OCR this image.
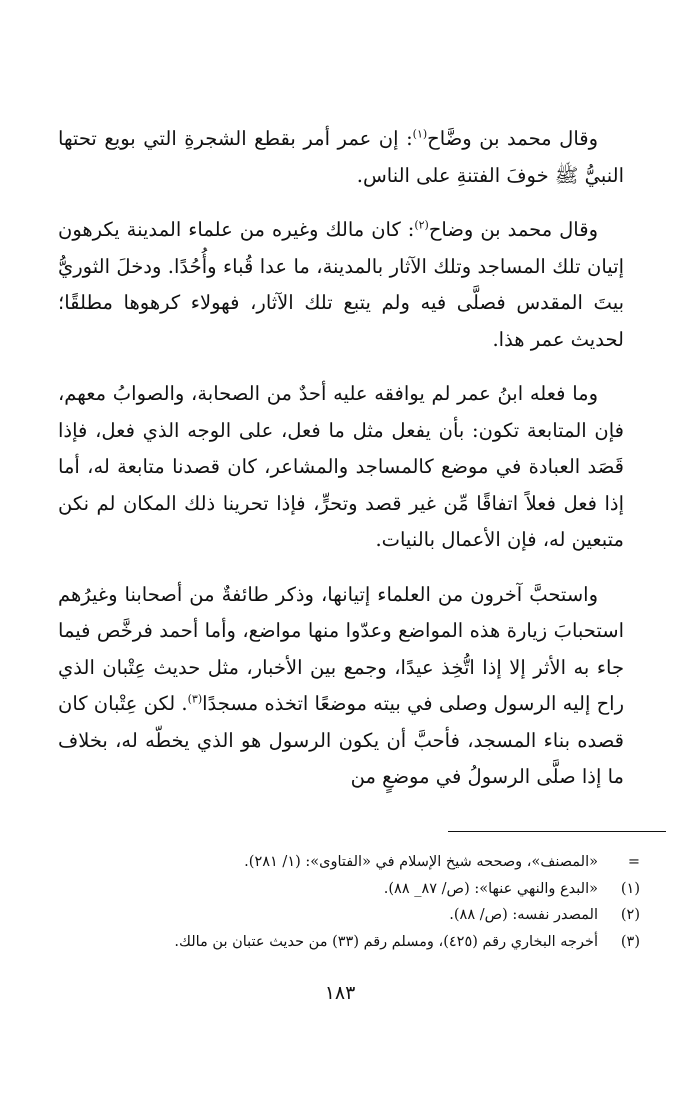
وقال محمد بن وضَّاح$^{(١)}$: إن عمر أمر بقطع الشجرةِ التي بويع تحتها النبيُّ ﷺ خوفَ الفتنةِ على الناس.

وقال محمد بن وضاح$^{(٢)}$: كان مالك وغيره من علماء المدينة يكرهون إتيان تلك المساجد وتلك الآثار بالمدينة، ما عدا قُباء وأُحُدًا. ودخلَ الثوريُّ بيتَ المقدس فصلَّى فيه ولم يتبع تلك الآثار، فهولاء كرهوها مطلقًا؛ لحديث عمر هذا.

وما فعله ابنُ عمر لم يوافقه عليه أحدٌ من الصحابة، والصوابُ معهم، فإن المتابعة تكون: بأن يفعل مثل ما فعل، على الوجه الذي فعل، فإذا قَصَد العبادة في موضع كالمساجد والمشاعر، كان قصدنا متابعة له، أما إذا فعل فعلاً اتفاقًا مِّن غير قصد وتحرٍّ، فإذا تحرينا ذلك المكان لم نكن متبعين له، فإن الأعمال بالنيات.

واستحبَّ آخرون من العلماء إتيانها، وذكر طائفةٌ من أصحابنا وغيرُهم استحبابَ زيارة هذه المواضع وعدّوا منها مواضع، وأما أحمد فرخَّص فيما جاء به الأثر إلا إذا اتُّخِذ عيدًا، وجمع بين الأخبار، مثل حديث عِتْبان الذي راح إليه الرسول وصلى في بيته موضعًا اتخذه مسجدًا$^{(٣)}$. لكن عِتْبان كان قصده بناء المسجد، فأحبَّ أن يكون الرسول هو الذي يخطّه له، بخلاف ما إذا صلَّى الرسولُ في موضعٍ من

=
«المصنف»، وصححه شيخ الإسلام في «الفتاوى»: (١/ ٢٨١).
(١)
«البدع والنهي عنها»: (ص/ ٨٧_ ٨٨).
(٢)
المصدر نفسه: (ص/ ٨٨).
(٣)
أخرجه البخاري رقم (٤٢٥)، ومسلم رقم (٣٣) من حديث عتبان بن مالك.
١٨٣
